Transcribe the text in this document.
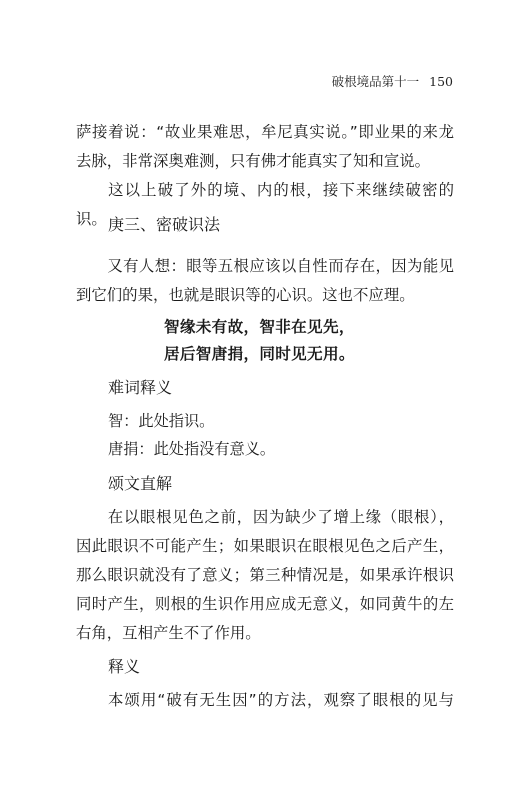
破根境品第十一 150
萨接着说：“故业果难思，牟尼真实说。”即业果的来龙
去脉，非常深奥难测，只有佛才能真实了知和宣说。
这以上破了外的境、内的根，接下来继续破密的识。 庚三、密破识法
又有人想：眼等五根应该以自性而存在，因为能见
到它们的果，也就是眼识等的心识。这也不应理。
智缘未有故，智非在见先，
居后智唐捐，同时见无用。
难词释义
智：此处指识。
唐捐：此处指没有意义。
颂文直解
在以眼根见色之前，因为缺少了增上缘（眼根），
因此眼识不可能产生；如果眼识在眼根见色之后产生，
那么眼识就没有了意义；第三种情况是，如果承许根识
同时产生，则根的生识作用应成无意义，如同黄牛的左
右角，互相产生不了作用。
释义
本颂用“破有无生因”的方法，观察了眼根的见与
